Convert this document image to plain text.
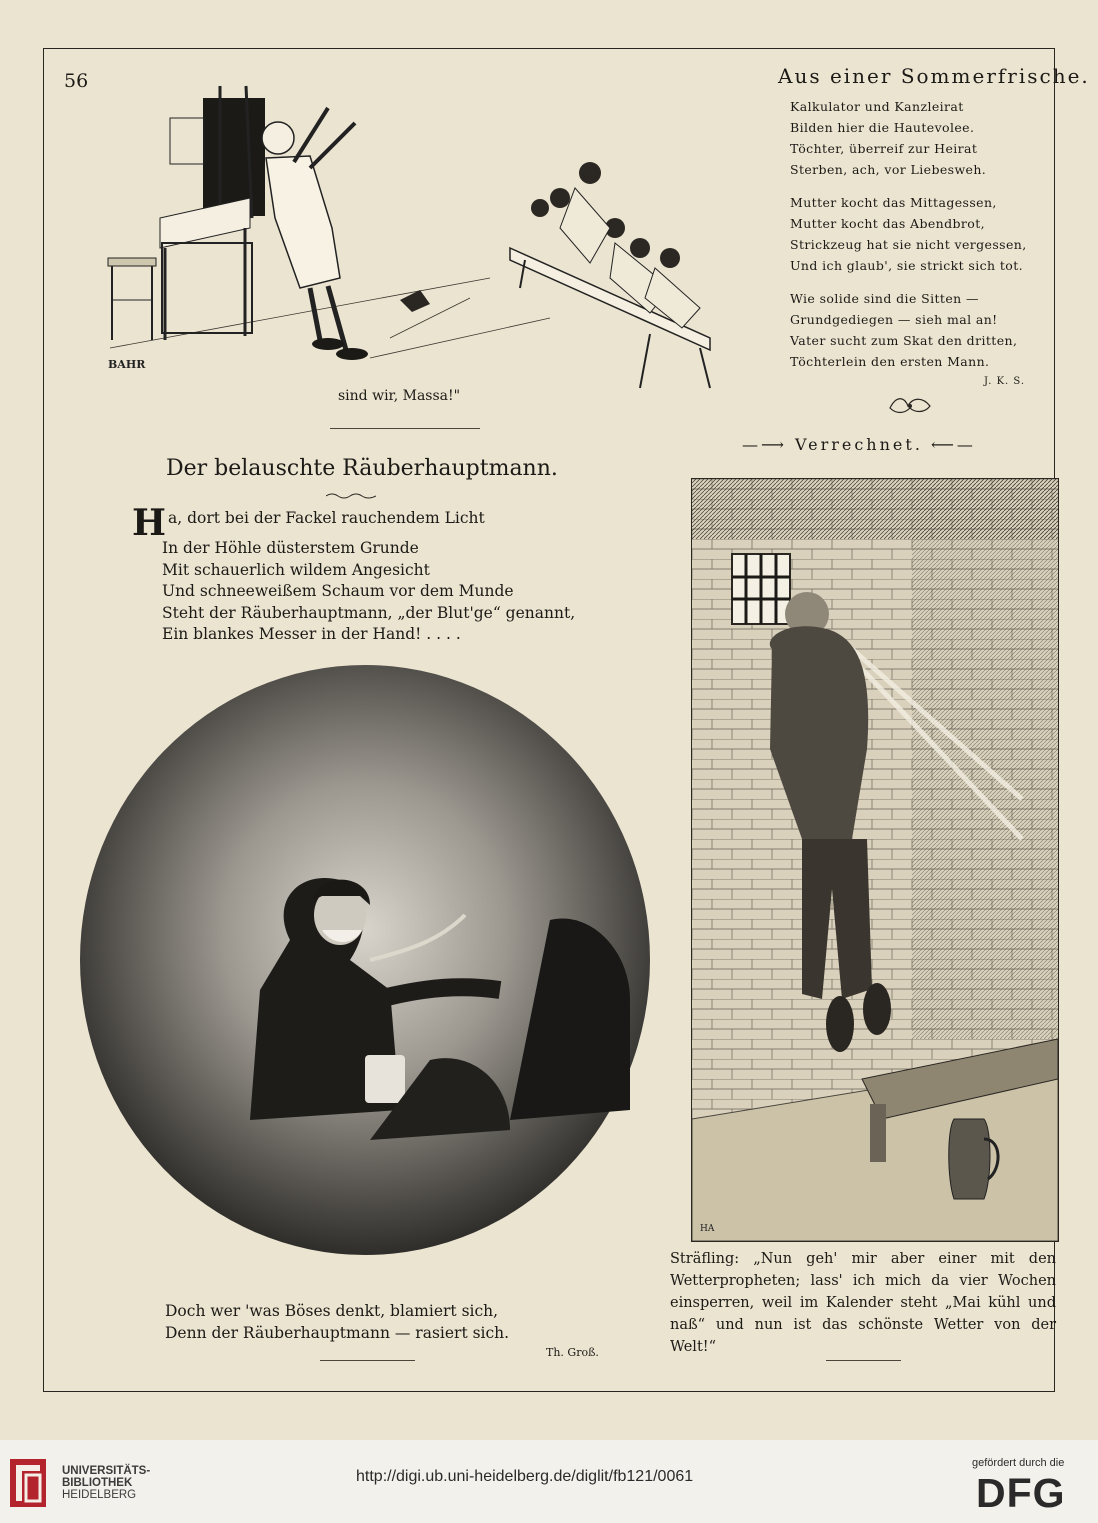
56
BAHR
sind wir, Massa!"
Aus einer Sommerfrische.
Kalkulator und Kanzleirat
Bilden hier die Hautevolee.
Töchter, überreif zur Heirat
Sterben, ach, vor Liebesweh.
Mutter kocht das Mittagessen,
Mutter kocht das Abendbrot,
Strickzeug hat sie nicht vergessen,
Und ich glaub', sie strickt sich tot.
Wie solide sind die Sitten —
Grundgediegen — sieh mal an!
Vater sucht zum Skat den dritten,
Töchterlein den ersten Mann.
J. K. S.
Der belauschte Räuberhauptmann.
Ha, dort bei der Fackel rauchendem Licht
In der Höhle düsterstem Grunde
Mit schauerlich wildem Angesicht
Und schneeweißem Schaum vor dem Munde
Steht der Räuberhauptmann, „der Blut'ge“ genannt,
Ein blankes Messer in der Hand! . . . .
Doch wer 'was Böses denkt, blamiert sich,
Denn der Räuberhauptmann — rasiert sich.
Th. Groß.
—⟶ Verrechnet. ⟵—
HA
Sträfling: „Nun geh' mir aber einer mit den Wetterpropheten; lass' ich mich da vier Wochen einsperren, weil im Kalender steht „Mai kühl und naß“ und nun ist das schönste Wetter von der Welt!“
UNIVERSITÄTS-
BIBLIOTHEK
HEIDELBERG
http://digi.ub.uni-heidelberg.de/diglit/fb121/0061
gefördert durch die
DFG
